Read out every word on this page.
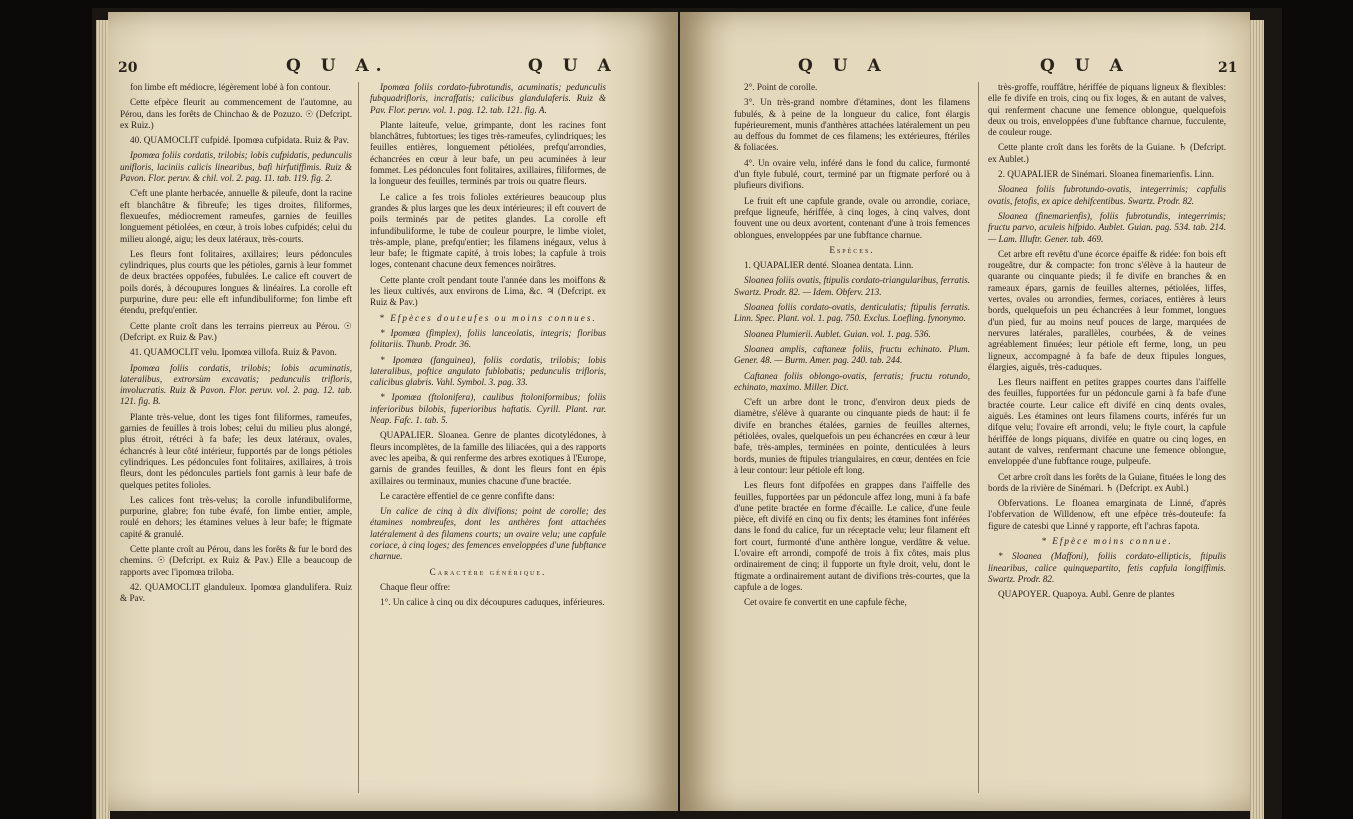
20	Q U A.	Q U A

fon limbe eft médiocre, légèrement lobé à fon contour.

Cette efpèce fleurit au commencement de l'automne, au Pérou, dans les forêts de Chinchao & de Pozuzo. ☉ (Defcript. ex Ruiz.)

40. QUAMOCLIT cufpidé. Ipomœa cufpidata. Ruiz & Pav.

Ipomœa foliis cordatis, trilobis; lobis cufpidatis, pedunculis unifloris, laciniis calicis linearibus, bafi hirfutiffimis. Ruiz & Pavon. Flor. peruv. & chil. vol. 2. pag. 11. tab. 119. fig. 2.

C'eft une plante herbacée, annuelle & pileufe, dont la racine eft blanchâtre & fibreufe; les tiges droites, filiformes, flexueufes, médiocrement rameufes, garnies de feuilles longuement pétiolées, en cœur, à trois lobes cufpidés; celui du milieu alongé, aigu; les deux latéraux, très-courts.

Les fleurs font folitaires, axillaires; leurs pédoncules cylindriques, plus courts que les pétioles, garnis à leur fommet de deux bractées oppofées, fubulées. Le calice eft couvert de poils dorés, à découpures longues & linéaires. La corolle eft purpurine, dure peu: elle eft infundibuliforme; fon limbe eft étendu, prefqu'entier.

Cette plante croît dans les terrains pierreux au Pérou. ☉ (Defcript. ex Ruiz & Pav.)

41. QUAMOCLIT velu. Ipomœa villofa. Ruiz & Pavon.

Ipomœa foliis cordatis, trilobis; lobis acuminatis, lateralibus, extrorsùm excavatis; pedunculis trifloris, involucratis. Ruiz & Pavon. Flor. peruv. vol. 2. pag. 12. tab. 121. fig. B.

Plante très-velue, dont les tiges font filiformes, rameufes, garnies de feuilles à trois lobes; celui du milieu plus alongé, plus étroit, rétréci à fa bafe; les deux latéraux, ovales, échancrés à leur côté intérieur, fupportés par de longs pétioles cylindriques. Les pédoncules font folitaires, axillaires, à trois fleurs, dont les pédoncules partiels font garnis à leur bafe de quelques petites folioles.

Les calices font très-velus; la corolle infundibuliforme, purpurine, glabre; fon tube évafé, fon limbe entier, ample, roulé en dehors; les étamines velues à leur bafe; le ftigmate capité & granulé.

Cette plante croît au Pérou, dans les forêts & fur le bord des chemins. ☉ (Defcript. ex Ruiz & Pav.) Elle a beaucoup de rapports avec l'ipomœa triloba.

42. QUAMOCLIT glanduleux. Ipomœa glandulifera. Ruiz & Pav.

Ipomœa foliis cordato-fubrotundis, acuminatis; pedunculis fubquadrifloris, incraffatis; calicibus glandulaferis. Ruiz & Pav. Flor. peruv. vol. 1. pag. 12. tab. 121. fig. A.

Plante laiteufe, velue, grimpante, dont les racines font blanchâtres, fubtortues; les tiges très-rameufes, cylindriques; les feuilles entières, longuement pétiolées, prefqu'arrondies, échancrées en cœur à leur bafe, un peu acuminées à leur fommet. Les pédoncules font folitaires, axillaires, filiformes, de la longueur des feuilles, terminés par trois ou quatre fleurs.

Le calice a fes trois folioles extérieures beaucoup plus grandes & plus larges que les deux intérieures; il eft couvert de poils terminés par de petites glandes. La corolle eft infundibuliforme, le tube de couleur pourpre, le limbe violet, très-ample, plane, prefqu'entier; les filamens inégaux, velus à leur bafe; le ftigmate capité, à trois lobes; la capfule à trois loges, contenant chacune deux femences noirâtres.

Cette plante croît pendant toute l'année dans les moiffons & les lieux cultivés, aux environs de Lima, &c. ♃ (Defcript. ex Ruiz & Pav.)

* Efpèces douteufes ou moins connues.

* Ipomœa (fimplex), foliis lanceolatis, integris; floribus folitariis. Thunb. Prodr. 36.

* Ipomœa (fanguinea), foliis cordatis, trilobis; lobis lateralibus, poftice angulato fublobatis; pedunculis trifloris, calicibus glabris. Vahl. Symbol. 3. pag. 33.

* Ipomœa (ftolonifera), caulibus ftoloniformibus; foliis inferioribus bilobis, fuperioribus haftatis. Cyrill. Plant. rar. Neap. Fafc. 1. tab. 5.

QUAPALIER. Sloanea. Genre de plantes dicotylédones, à fleurs incomplètes, de la famille des liliacées, qui a des rapports avec les apeiba, & qui renferme des arbres exotiques à l'Europe, garnis de grandes feuilles, & dont les fleurs font en épis axillaires ou terminaux, munies chacune d'une bractée.

Le caractère effentiel de ce genre confifte dans:

Un calice de cinq à dix divifions; point de corolle; des étamines nombreufes, dont les anthères font attachées latéralement à des filamens courts; un ovaire velu; une capfule coriace, à cinq loges; des femences enveloppées d'une fubftance charnue.

Caractère générique.

Chaque fleur offre:

1°. Un calice à cinq ou dix découpures caduques, inférieures.

Q U A	Q U A	21

2°. Point de corolle.

3°. Un très-grand nombre d'étamines, dont les filamens fubulés, & à peine de la longueur du calice, font élargis fupérieurement, munis d'anthères attachées latéralement un peu au deffous du fommet de ces filamens; les extérieures, ftériles & foliacées.

4°. Un ovaire velu, inféré dans le fond du calice, furmonté d'un ftyle fubulé, court, terminé par un ftigmate perforé ou à plufieurs divifions.

Le fruit eft une capfule grande, ovale ou arrondie, coriace, prefque ligneufe, hériffée, à cinq loges, à cinq valves, dont fouvent une ou deux avortent, contenant d'une à trois femences oblongues, enveloppées par une fubftance charnue.

Espèces.

1. QUAPALIER denté. Sloanea dentata. Linn.

Sloanea foliis ovatis, ftipulis cordato-triangularibus, ferratis. Swartz. Prodr. 82. — Idem. Obferv. 213.

Sloanea foliis cordato-ovatis, denticulatis; ftipulis ferratis. Linn. Spec. Plant. vol. 1. pag. 750. Exclus. Loefling. fynonymo.

Sloanea Plumierii. Aublet. Guian. vol. 1. pag. 536.

Sloanea amplis, caftaneæ foliis, fructu echinato. Plum. Gener. 48. — Burm. Amer. pag. 240. tab. 244.

Caftanea foliis oblongo-ovatis, ferratis; fructu rotundo, echinato, maximo. Miller. Dict.

C'eft un arbre dont le tronc, d'environ deux pieds de diamètre, s'élève à quarante ou cinquante pieds de haut: il fe divife en branches étalées, garnies de feuilles alternes, pétiolées, ovales, quelquefois un peu échancrées en cœur à leur bafe, très-amples, terminées en pointe, denticulées à leurs bords, munies de ftipules triangulaires, en cœur, dentées en fcie à leur contour: leur pétiole eft long.

Les fleurs font difpofées en grappes dans l'aiffelle des feuilles, fupportées par un pédoncule affez long, muni à fa bafe d'une petite bractée en forme d'écaille. Le calice, d'une feule pièce, eft divifé en cinq ou fix dents; les étamines font inférées dans le fond du calice, fur un réceptacle velu; leur filament eft fort court, furmonté d'une anthère longue, verdâtre & velue. L'ovaire eft arrondi, compofé de trois à fix côtes, mais plus ordinairement de cinq; il fupporte un ftyle droit, velu, dont le ftigmate a ordinairement autant de divifions très-courtes, que la capfule a de loges.

Cet ovaire fe convertit en une capfule fèche,

très-groffe, rouffâtre, hériffée de piquans ligneux & flexibles: elle fe divife en trois, cinq ou fix loges, & en autant de valves, qui renferment chacune une femence oblongue, quelquefois deux ou trois, enveloppées d'une fubftance charnue, fucculente, de couleur rouge.

Cette plante croît dans les forêts de la Guiane. ♄ (Defcript. ex Aublet.)

2. QUAPALIER de Sinémari. Sloanea finemarienfis. Linn.

Sloanea foliis fubrotundo-ovatis, integerrimis; capfulis ovatis, fetofis, ex apice dehifcentibus. Swartz. Prodr. 82.

Sloanea (finemarienfis), foliis fubrotundis, integerrimis; fructu parvo, aculeis hifpido. Aublet. Guian. pag. 534. tab. 214. — Lam. Illuftr. Gener. tab. 469.

Cet arbre eft revêtu d'une écorce épaiffe & ridée: fon bois eft rougeâtre, dur & compacte: fon tronc s'élève à la hauteur de quarante ou cinquante pieds; il fe divife en branches & en rameaux épars, garnis de feuilles alternes, pétiolées, liffes, vertes, ovales ou arrondies, fermes, coriaces, entières à leurs bords, quelquefois un peu échancrées à leur fommet, longues d'un pied, fur au moins neuf pouces de large, marquées de nervures latérales, parallèles, courbées, & de veines agréablement finuées; leur pétiole eft ferme, long, un peu ligneux, accompagné à fa bafe de deux ftipules longues, élargies, aiguës, très-caduques.

Les fleurs naiffent en petites grappes courtes dans l'aiffelle des feuilles, fupportées fur un pédoncule garni à fa bafe d'une bractée courte. Leur calice eft divifé en cinq dents ovales, aiguës. Les étamines ont leurs filamens courts, inférés fur un difque velu; l'ovaire eft arrondi, velu; le ftyle court, la capfule hériffée de longs piquans, divifée en quatre ou cinq loges, en autant de valves, renfermant chacune une femence oblongue, enveloppée d'une fubftance rouge, pulpeufe.

Cet arbre croît dans les forêts de la Guiane, fituées le long des bords de la rivière de Sinémari. ♄ (Defcript. ex Aubl.)

Obfervations. Le floanea emarginata de Linné, d'après l'obfervation de Willdenow, eft une efpèce très-douteufe: fa figure de catesbi que Linné y rapporte, eft l'achras fapota.

* Efpèce moins connue.

* Sloanea (Maffoni), foliis cordato-ellipticis, ftipulis linearibus, calice quinquepartito, fetis capfula longiffimis. Swartz. Prodr. 82.

QUAPOYER. Quapoya. Aubl. Genre de plantes
